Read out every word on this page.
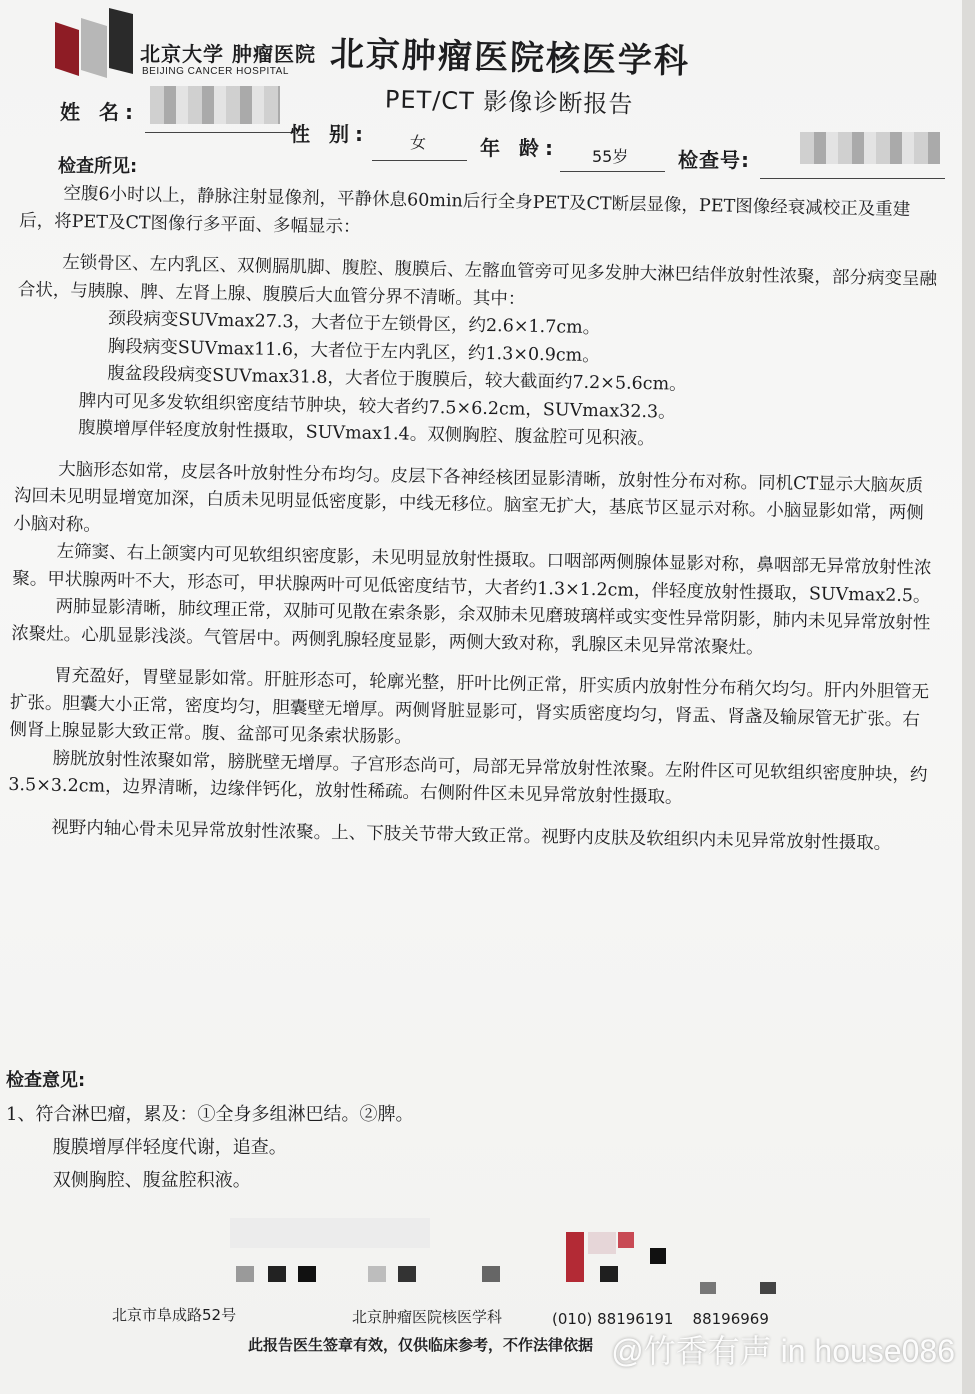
北京大学 肿瘤医院
BEIJING CANCER HOSPITAL 北京肿瘤医院核医学科
PET/CT 影像诊断报告
姓 名:
性 别:	女	年 龄: 55岁 检查号:
检查所见:

空腹6小时以上，静脉注射显像剂，平静休息60min后行全身PET及CT断层显像，PET图像经衰减校正及重建后，将PET及CT图像行多平面、多幅显示：

左锁骨区、左内乳区、双侧膈肌脚、腹腔、腹膜后、左髂血管旁可见多发肿大淋巴结伴放射性浓聚，部分病变呈融合状，与胰腺、脾、左肾上腺、腹膜后大血管分界不清晰。其中：

颈段病变SUVmax27.3，大者位于左锁骨区，约2.6×1.7cm。

胸段病变SUVmax11.6，大者位于左内乳区，约1.3×0.9cm。

腹盆段段病变SUVmax31.8，大者位于腹膜后，较大截面约7.2×5.6cm。

脾内可见多发软组织密度结节肿块，较大者约7.5×6.2cm，SUVmax32.3。

腹膜增厚伴轻度放射性摄取，SUVmax1.4。双侧胸腔、腹盆腔可见积液。

大脑形态如常，皮层各叶放射性分布均匀。皮层下各神经核团显影清晰，放射性分布对称。同机CT显示大脑灰质沟回未见明显增宽加深，白质未见明显低密度影，中线无移位。脑室无扩大，基底节区显示对称。小脑显影如常，两侧小脑对称。

左筛窦、右上颌窦内可见软组织密度影，未见明显放射性摄取。口咽部两侧腺体显影对称，鼻咽部无异常放射性浓聚。甲状腺两叶不大，形态可，甲状腺两叶可见低密度结节，大者约1.3×1.2cm，伴轻度放射性摄取，SUVmax2.5。

两肺显影清晰，肺纹理正常，双肺可见散在索条影，余双肺未见磨玻璃样或实变性异常阴影，肺内未见异常放射性浓聚灶。心肌显影浅淡。气管居中。两侧乳腺轻度显影，两侧大致对称，乳腺区未见异常浓聚灶。

胃充盈好，胃壁显影如常。肝脏形态可，轮廓光整，肝叶比例正常，肝实质内放射性分布稍欠均匀。肝内外胆管无扩张。胆囊大小正常，密度均匀，胆囊壁无增厚。两侧肾脏显影可，肾实质密度均匀，肾盂、肾盏及输尿管无扩张。右侧肾上腺显影大致正常。腹、盆部可见条索状肠影。

膀胱放射性浓聚如常，膀胱壁无增厚。子宫形态尚可，局部无异常放射性浓聚。左附件区可见软组织密度肿块，约3.5×3.2cm，边界清晰，边缘伴钙化，放射性稀疏。右侧附件区未见异常放射性摄取。

视野内轴心骨未见异常放射性浓聚。上、下肢关节带大致正常。视野内皮肤及软组织内未见异常放射性摄取。

检查意见:

1、符合淋巴瘤，累及：①全身多组淋巴结。②脾。

腹膜增厚伴轻度代谢，追查。

双侧胸腔、腹盆腔积液。

北京市阜成路52号	北京肿瘤医院核医学科	(010) 88196191    88196969
此报告医生签章有效，仅供临床参考，不作法律依据 @竹香有声 in house086
